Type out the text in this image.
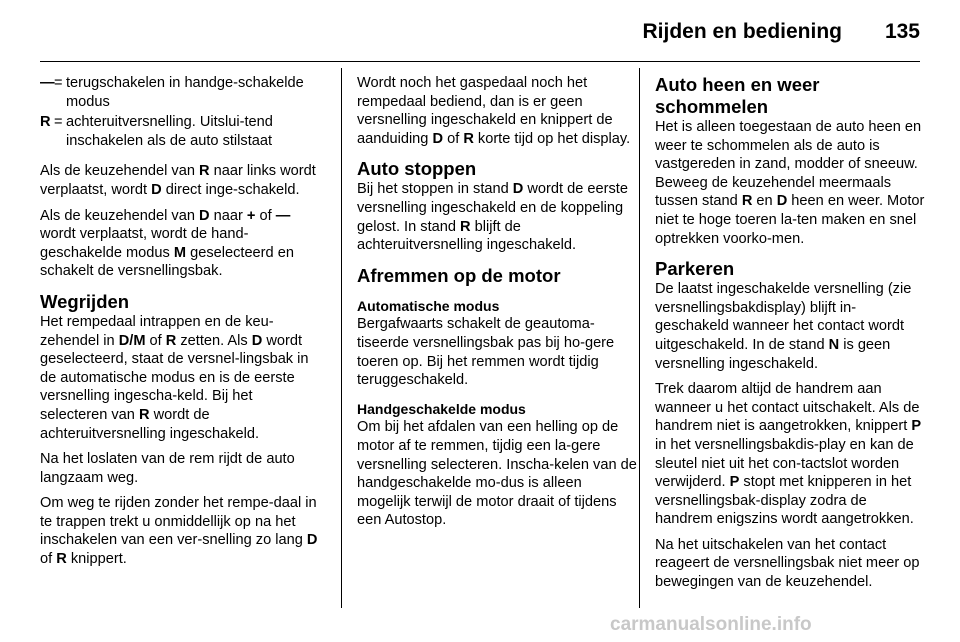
Rijden en bediening 135
— = terugschakelen in handge-schakelde modus
R = achteruitversnelling. Uitslui-tend inschakelen als de auto stilstaat

Als de keuzehendel van R naar links wordt verplaatst, wordt D direct inge-schakeld.

Als de keuzehendel van D naar + of — wordt verplaatst, wordt de hand-geschakelde modus M geselecteerd en schakelt de versnellingsbak.

Wegrijden

Het rempedaal intrappen en de keu-zehendel in D/M of R zetten. Als D wordt geselecteerd, staat de versnel-lingsbak in de automatische modus en is de eerste versnelling ingescha-keld. Bij het selecteren van R wordt de achteruitversnelling ingeschakeld.

Na het loslaten van de rem rijdt de auto langzaam weg.

Om weg te rijden zonder het rempe-daal in te trappen trekt u onmiddellijk op na het inschakelen van een ver-snelling zo lang D of R knippert.

Wordt noch het gaspedaal noch het rempedaal bediend, dan is er geen versnelling ingeschakeld en knippert de aanduiding D of R korte tijd op het display.

Auto stoppen

Bij het stoppen in stand D wordt de eerste versnelling ingeschakeld en de koppeling gelost. In stand R blijft de achteruitversnelling ingeschakeld.

Afremmen op de motor
Automatische modus

Bergafwaarts schakelt de geautoma-tiseerde versnellingsbak pas bij ho-gere toeren op. Bij het remmen wordt tijdig teruggeschakeld.

Handgeschakelde modus

Om bij het afdalen van een helling op de motor af te remmen, tijdig een la-gere versnelling selecteren. Inscha-kelen van de handgeschakelde mo-dus is alleen mogelijk terwijl de motor draait of tijdens een Autostop.

Auto heen en weer schommelen

Het is alleen toegestaan de auto heen en weer te schommelen als de auto is vastgereden in zand, modder of sneeuw. Beweeg de keuzehendel meermaals tussen stand R en D heen en weer. Motor niet te hoge toeren la-ten maken en snel optrekken voorko-men.

Parkeren

De laatst ingeschakelde versnelling (zie versnellingsbakdisplay) blijft in-geschakeld wanneer het contact wordt uitgeschakeld. In de stand N is geen versnelling ingeschakeld.

Trek daarom altijd de handrem aan wanneer u het contact uitschakelt. Als de handrem niet is aangetrokken, knippert P in het versnellingsbakdis-play en kan de sleutel niet uit het con-tactslot worden verwijderd. P stopt met knipperen in het versnellingsbak-display zodra de handrem enigszins wordt aangetrokken.

Na het uitschakelen van het contact reageert de versnellingsbak niet meer op bewegingen van de keuzehendel.

carmanualsonline.info
